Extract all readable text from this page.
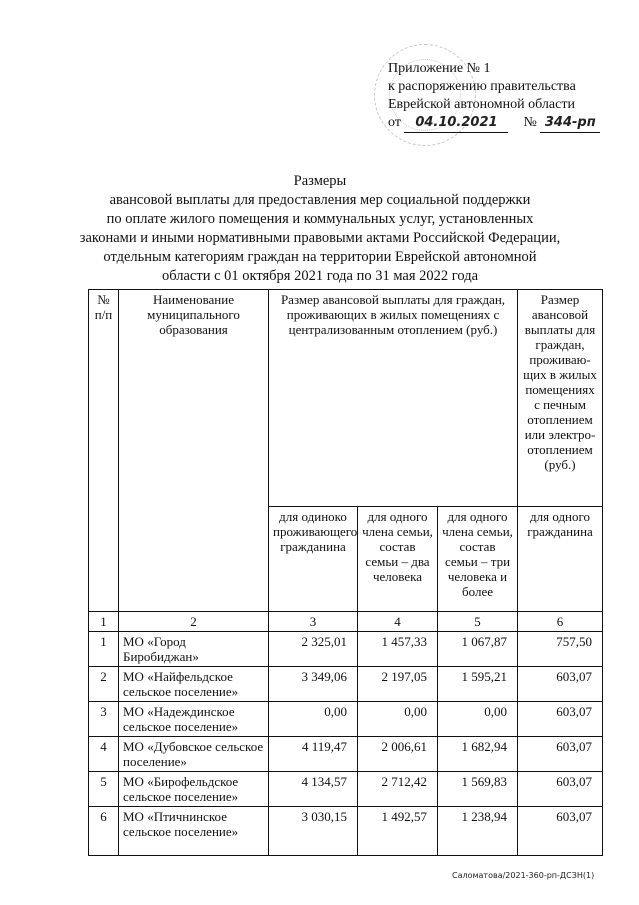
Приложение № 1
к распоряжению правительства
Еврейской автономной области
от 04.10.2021 № 344-рп
Размеры
авансовой выплаты для предоставления мер социальной поддержки
по оплате жилого помещения и коммунальных услуг, установленных
законами и иными нормативными правовыми актами Российской Федерации,
отдельным категориям граждан на территории Еврейской автономной
области с 01 октября 2021 года по 31 мая 2022 года
№ п/п	Наименование муниципального образования	Размер авансовой выплаты для граждан, проживающих в жилых помещениях с централизованным отоплением (руб.)			Размер авансовой выплаты для граждан, проживаю-щих в жилых помещениях с печным отоплением или электро-отоплением (руб.)
		для одиноко проживающего гражданина	для одного члена семьи, состав семьи – два человека	для одного члена семьи, состав семьи – три человека и более	для одного гражданина
1	2	3	4	5	6
1	МО «Город Биробиджан»	2 325,01	1 457,33	1 067,87	757,50
2	МО «Найфельдское сельское поселение»	3 349,06	2 197,05	1 595,21	603,07
3	МО «Надеждинское сельское поселение»	0,00	0,00	0,00	603,07
4	МО «Дубовское сельское поселение»	4 119,47	2 006,61	1 682,94	603,07
5	МО «Бирофельдское сельское поселение»	4 134,57	2 712,42	1 569,83	603,07
6	МО «Птичнинское сельское поселение»	3 030,15	1 492,57	1 238,94	603,07
Саломатова/2021-360-рп-ДСЗН(1)
